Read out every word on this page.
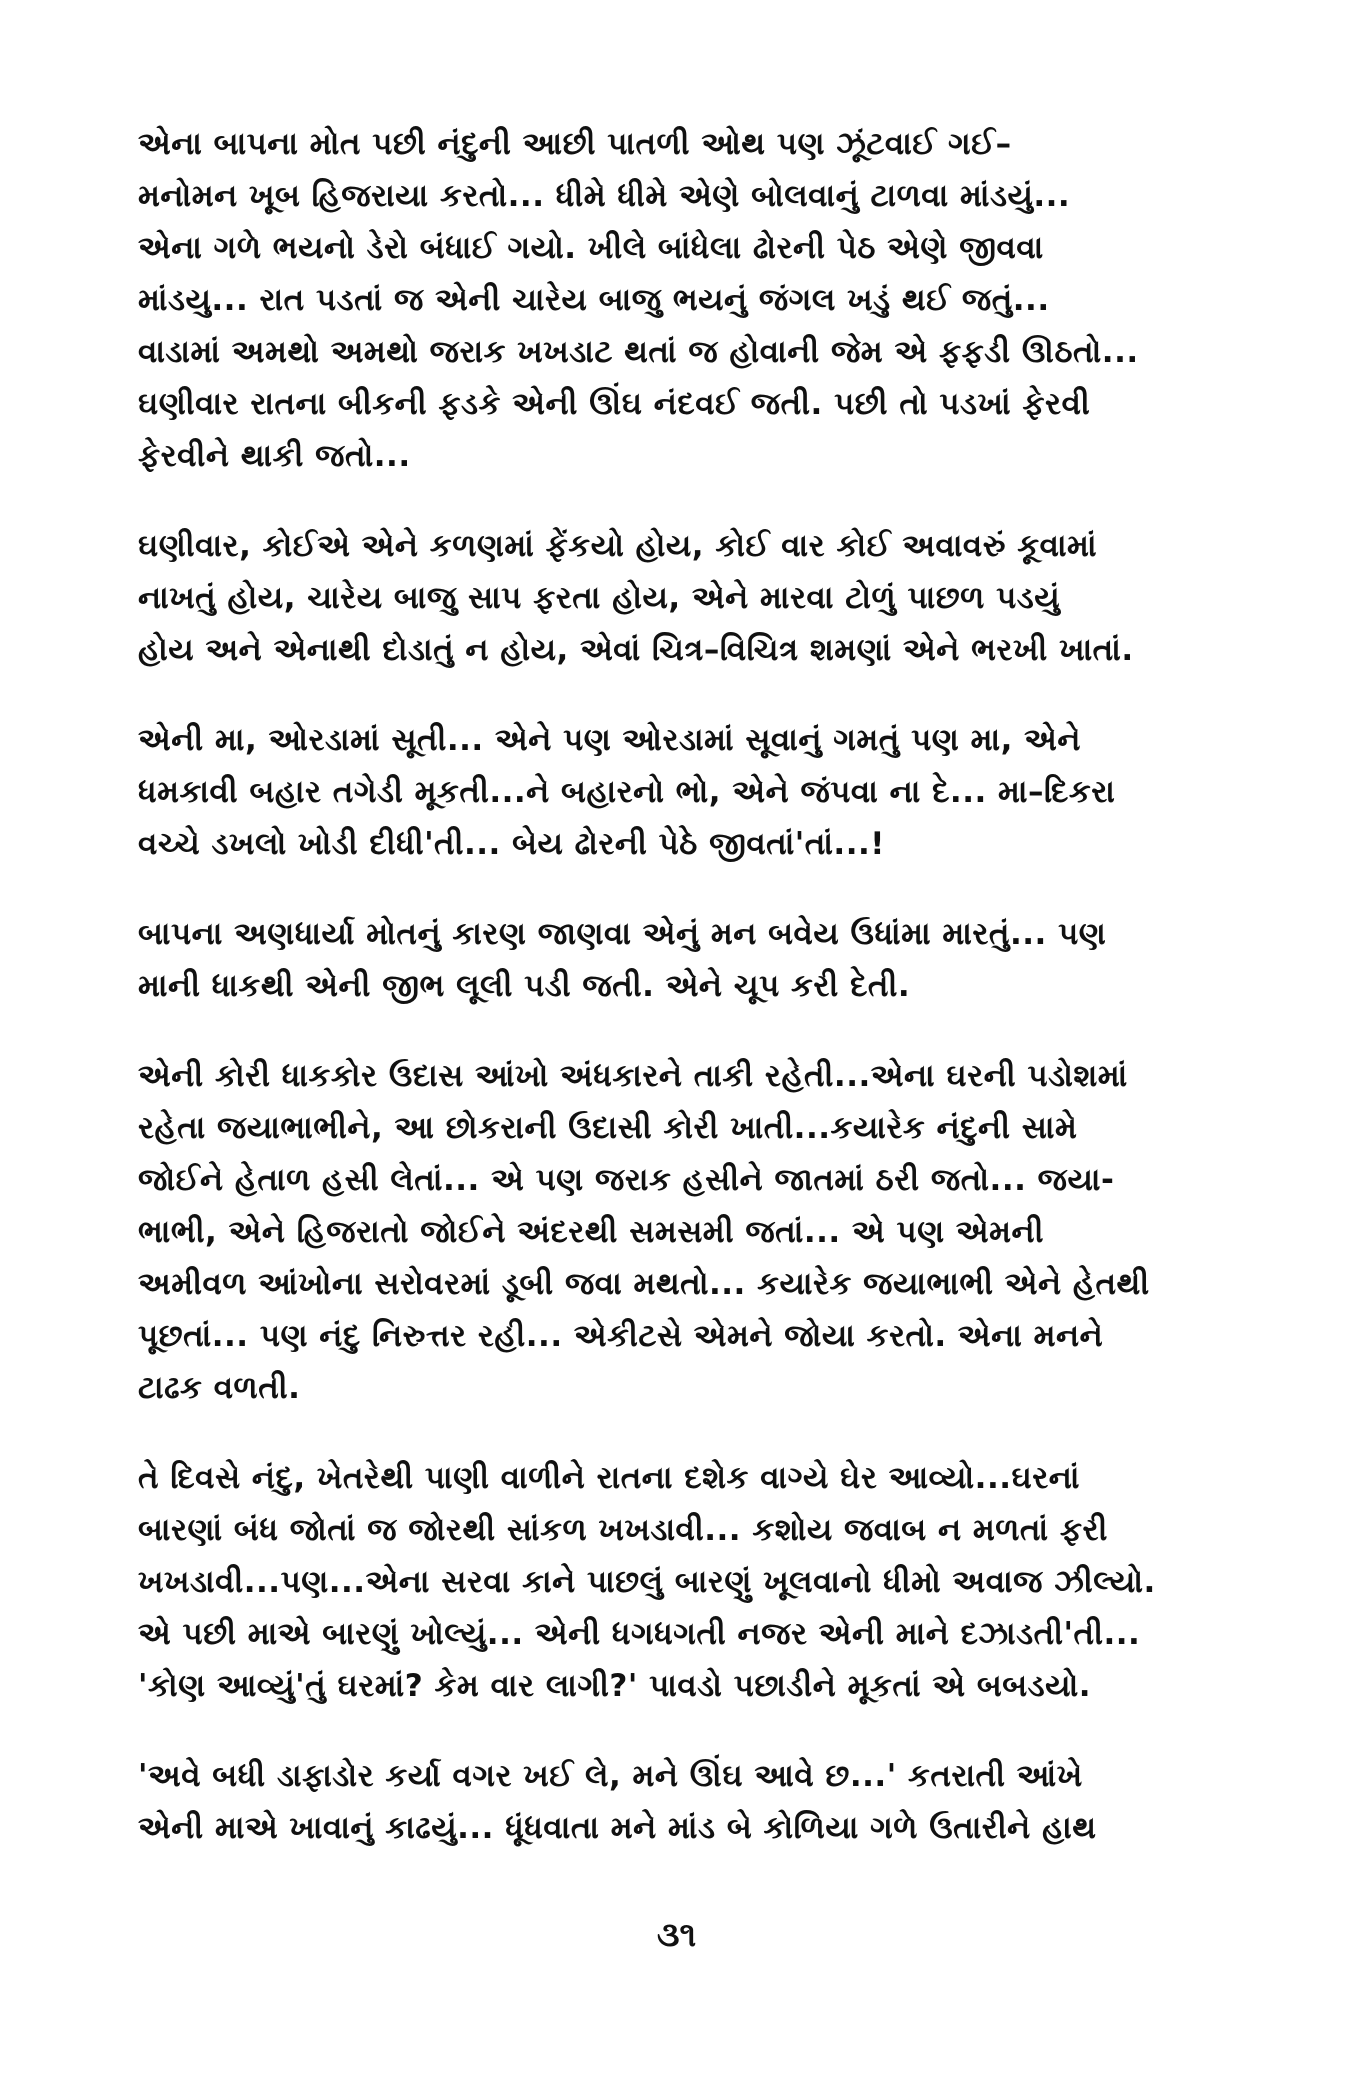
એના બાપના મોત પછી નંદુની આછી પાતળી ઓથ પણ ઝૂંટવાઈ ગઈ–
મનોમન ખૂબ હિજરાયા કરતો... ધીમે ધીમે એણે બોલવાનું ટાળવા માંડયું...
એના ગળે ભયનો ડેરો બંધાઈ ગયો. ખીલે બાંધેલા ઢોરની પેઠ એણે જીવવા
માંડયુ... રાત પડતાં જ એની ચારેય બાજુ ભયનું જંગલ ખડું થઈ જતું...
વાડામાં અમથો અમથો જરાક ખખડાટ થતાં જ હોવાની જેમ એ ફફડી ઊઠતો...
ઘણીવાર રાતના બીકની ફડકે એની ઊંઘ નંદવઈ જતી. પછી તો પડખાં ફેરવી
ફેરવીને થાકી જતો...
ઘણીવાર, કોઈએ એને કળણમાં ફેંકયો હોય, કોઈ વાર કોઈ અવાવરું કૂવામાં
નાખતું હોય, ચારેય બાજુ સાપ ફરતા હોય, એને મારવા ટોળું પાછળ પડયું
હોય અને એનાથી દોડાતું ન હોય, એવાં ચિત્ર–વિચિત્ર શમણાં એને ભરખી ખાતાં.
એની મા, ઓરડામાં સૂતી... એને પણ ઓરડામાં સૂવાનું ગમતું પણ મા, એને
ધમકાવી બહાર તગેડી મૂકતી...ને બહારનો ભો, એને જંપવા ના દે... મા–દિકરા
વચ્ચે ડખલો ખોડી દીધી'તી... બેય ઢોરની પેઠે જીવતાં'તાં...!
બાપના અણધાર્યા મોતનું કારણ જાણવા એનું મન બવેય ઉધાંમા મારતું... પણ
માની ધાકથી એની જીભ લૂલી પડી જતી. એને ચૂપ કરી દેતી.
એની કોરી ધાકકોર ઉદાસ આંખો અંધકારને તાકી રહેતી...એના ઘરની પડોશમાં
રહેતા જયાભાભીને, આ છોકરાની ઉદાસી કોરી ખાતી...કયારેક નંદુની સામે
જોઈને હેતાળ હસી લેતાં... એ પણ જરાક હસીને જાતમાં ઠરી જતો... જયા-
ભાભી, એને હિજરાતો જોઈને અંદરથી સમસમી જતાં... એ પણ એમની
અમીવળ આંખોના સરોવરમાં ડૂબી જવા મથતો... કયારેક જયાભાભી એને હેતથી
પૂછતાં... પણ નંદુ નિરુત્તર રહી... એકીટસે એમને જોયા કરતો. એના મનને
ટાઢક વળતી.
તે દિવસે નંદુ, ખેતરેથી પાણી વાળીને રાતના દશેક વાગ્યે ઘેર આવ્યો...ઘરનાં
બારણાં બંધ જોતાં જ જોરથી સાંકળ ખખડાવી... કશોય જવાબ ન મળતાં ફરી
ખખડાવી...પણ...એના સરવા કાને પાછલું બારણું ખૂલવાનો ધીમો અવાજ ઝીલ્યો.
એ પછી માએ બારણું ખોલ્યું... એની ધગધગતી નજર એની માને દઝાડતી'તી...
'કોણ આવ્યું'તું ઘરમાં? કેમ વાર લાગી?' પાવડો પછાડીને મૂકતાં એ બબડયો.
'અવે બધી ડાફાડોર કર્યા વગર ખઈ લે, મને ઊંઘ આવે છ...' કતરાતી આંખે
એની માએ ખાવાનું કાઢયું... ધૂંધવાતા મને માંડ બે કોળિયા ગળે ઉતારીને હાથ
૩૧
